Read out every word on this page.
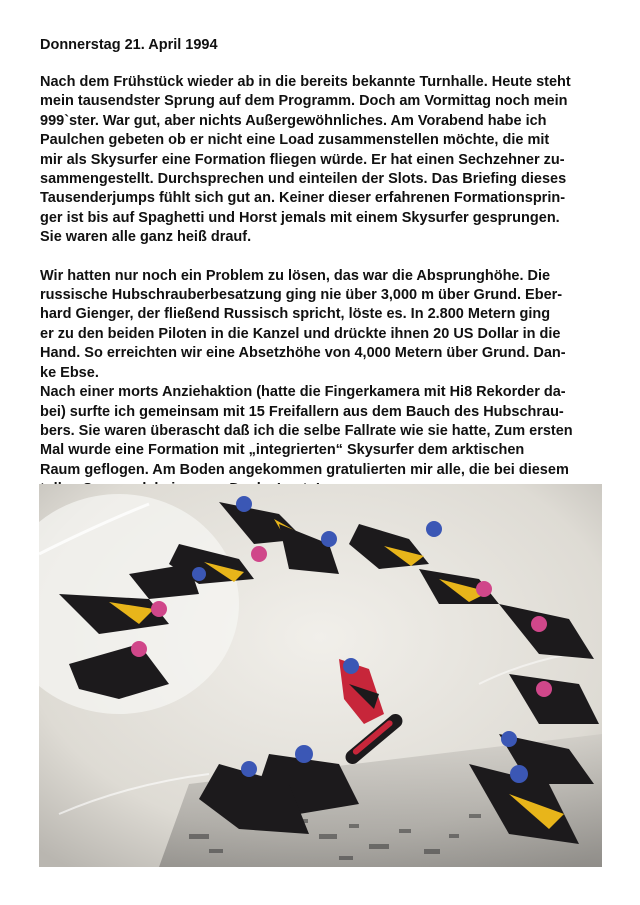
Donnerstag 21. April 1994
Nach dem Frühstück wieder ab in die bereits bekannte Turnhalle. Heute steht
mein tausendster Sprung auf dem Programm. Doch am Vormittag noch mein
999`ster. War gut, aber nichts Außergewöhnliches. Am Vorabend habe ich
Paulchen gebeten ob er nicht eine Load zusammenstellen möchte, die mit
mir als Skysurfer eine Formation fliegen würde. Er hat einen Sechzehner zu-
sammengestellt. Durchsprechen und einteilen der Slots. Das Briefing dieses
Tausenderjumps fühlt sich gut an. Keiner dieser erfahrenen Formationsprin-
ger ist bis auf Spaghetti und Horst jemals mit einem Skysurfer gesprungen.
Sie waren alle ganz heiß drauf.
Wir hatten nur noch ein Problem zu lösen, das war die Absprunghöhe. Die
russische Hubschrauberbesatzung ging nie über 3,000 m über Grund. Eber-
hard Gienger, der fließend Russisch spricht, löste es. In 2.800 Metern ging
er zu den beiden Piloten in die Kanzel und drückte ihnen 20 US Dollar in die
Hand. So erreichten wir eine Absetzhöhe von 4,000 Metern über Grund. Dan-
ke Ebse.
Nach einer morts Anziehaktion (hatte die Fingerkamera mit Hi8 Rekorder da-
bei) surfte ich gemeinsam mit 15 Freifallern aus dem Bauch des Hubschrau-
bers. Sie waren überascht daß ich die selbe Fallrate wie sie hatte, Zum ersten
Mal wurde eine Formation mit „integrierten“ Skysurfer dem arktischen
Raum geflogen. Am Boden angekommen gratulierten mir alle, die bei diesem
